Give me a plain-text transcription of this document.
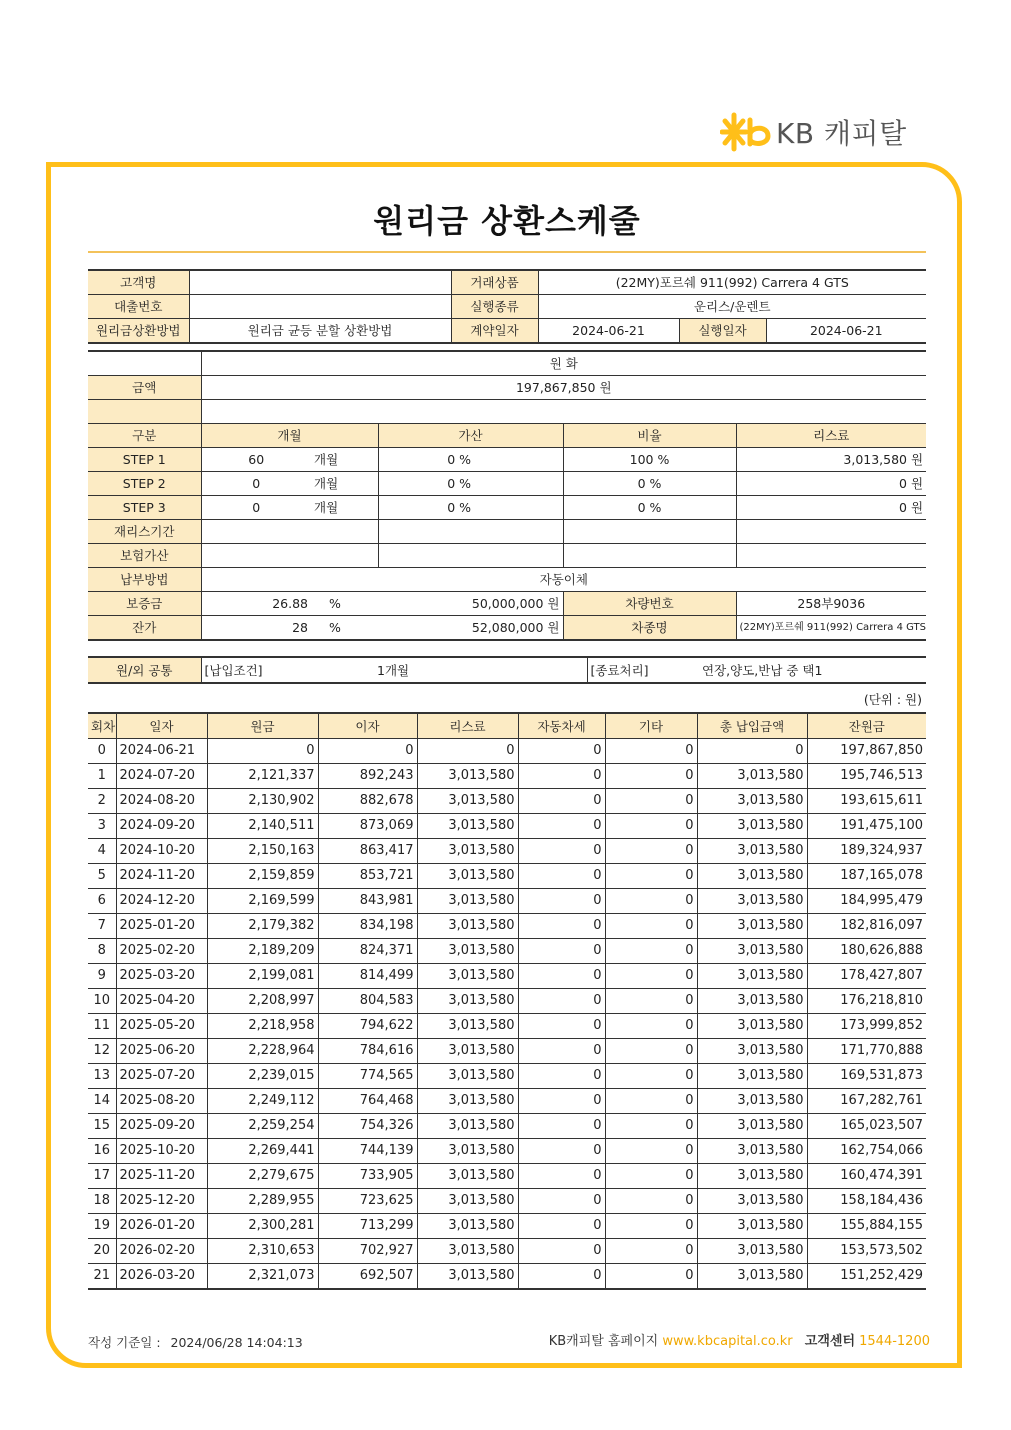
KB 캐피탈
원리금 상환스케줄
고객명		거래상품	(22MY)포르쉐 911(992) Carrera 4 GTS		
대출번호		실행종류	운리스/운렌트		
원리금상환방법	원리금 균등 분할 상환방법	계약일자	2024-06-21	실행일자	2024-06-21
	원 화					
금액	197,867,850 원					

구분	개월		가산		비율	리스료
STEP 1	60	개월	0 %		100 %	3,013,580 원
STEP 2	0	개월	0 %		0 %	0 원
STEP 3	0	개월	0 %		0 %	0 원
재리스기간						
보험가산						
납부방법	자동이체					
보증금	26.88	%	50,000,000 원		차량번호	258부9036
잔가	28	%	52,080,000 원		차종명	(22MY)포르쉐 911(992) Carrera 4 GTS
원/외 공통	[납입조건]	1개월	[종료처리]	연장,양도,반납 중 택1
(단위 : 원)
회차	일자	원금	이자	리스료	자동차세	기타	총 납입금액	잔원금
0	2024-06-21	0	0	0	0	0	0	197,867,850
1	2024-07-20	2,121,337	892,243	3,013,580	0	0	3,013,580	195,746,513
2	2024-08-20	2,130,902	882,678	3,013,580	0	0	3,013,580	193,615,611
3	2024-09-20	2,140,511	873,069	3,013,580	0	0	3,013,580	191,475,100
4	2024-10-20	2,150,163	863,417	3,013,580	0	0	3,013,580	189,324,937
5	2024-11-20	2,159,859	853,721	3,013,580	0	0	3,013,580	187,165,078
6	2024-12-20	2,169,599	843,981	3,013,580	0	0	3,013,580	184,995,479
7	2025-01-20	2,179,382	834,198	3,013,580	0	0	3,013,580	182,816,097
8	2025-02-20	2,189,209	824,371	3,013,580	0	0	3,013,580	180,626,888
9	2025-03-20	2,199,081	814,499	3,013,580	0	0	3,013,580	178,427,807
10	2025-04-20	2,208,997	804,583	3,013,580	0	0	3,013,580	176,218,810
11	2025-05-20	2,218,958	794,622	3,013,580	0	0	3,013,580	173,999,852
12	2025-06-20	2,228,964	784,616	3,013,580	0	0	3,013,580	171,770,888
13	2025-07-20	2,239,015	774,565	3,013,580	0	0	3,013,580	169,531,873
14	2025-08-20	2,249,112	764,468	3,013,580	0	0	3,013,580	167,282,761
15	2025-09-20	2,259,254	754,326	3,013,580	0	0	3,013,580	165,023,507
16	2025-10-20	2,269,441	744,139	3,013,580	0	0	3,013,580	162,754,066
17	2025-11-20	2,279,675	733,905	3,013,580	0	0	3,013,580	160,474,391
18	2025-12-20	2,289,955	723,625	3,013,580	0	0	3,013,580	158,184,436
19	2026-01-20	2,300,281	713,299	3,013,580	0	0	3,013,580	155,884,155
20	2026-02-20	2,310,653	702,927	3,013,580	0	0	3,013,580	153,573,502
21	2026-03-20	2,321,073	692,507	3,013,580	0	0	3,013,580	151,252,429
작성 기준일 : 2024/06/28 14:04:13	KB캐피탈 홈페이지 www.kbcapital.co.kr 고객센터 1544-1200
